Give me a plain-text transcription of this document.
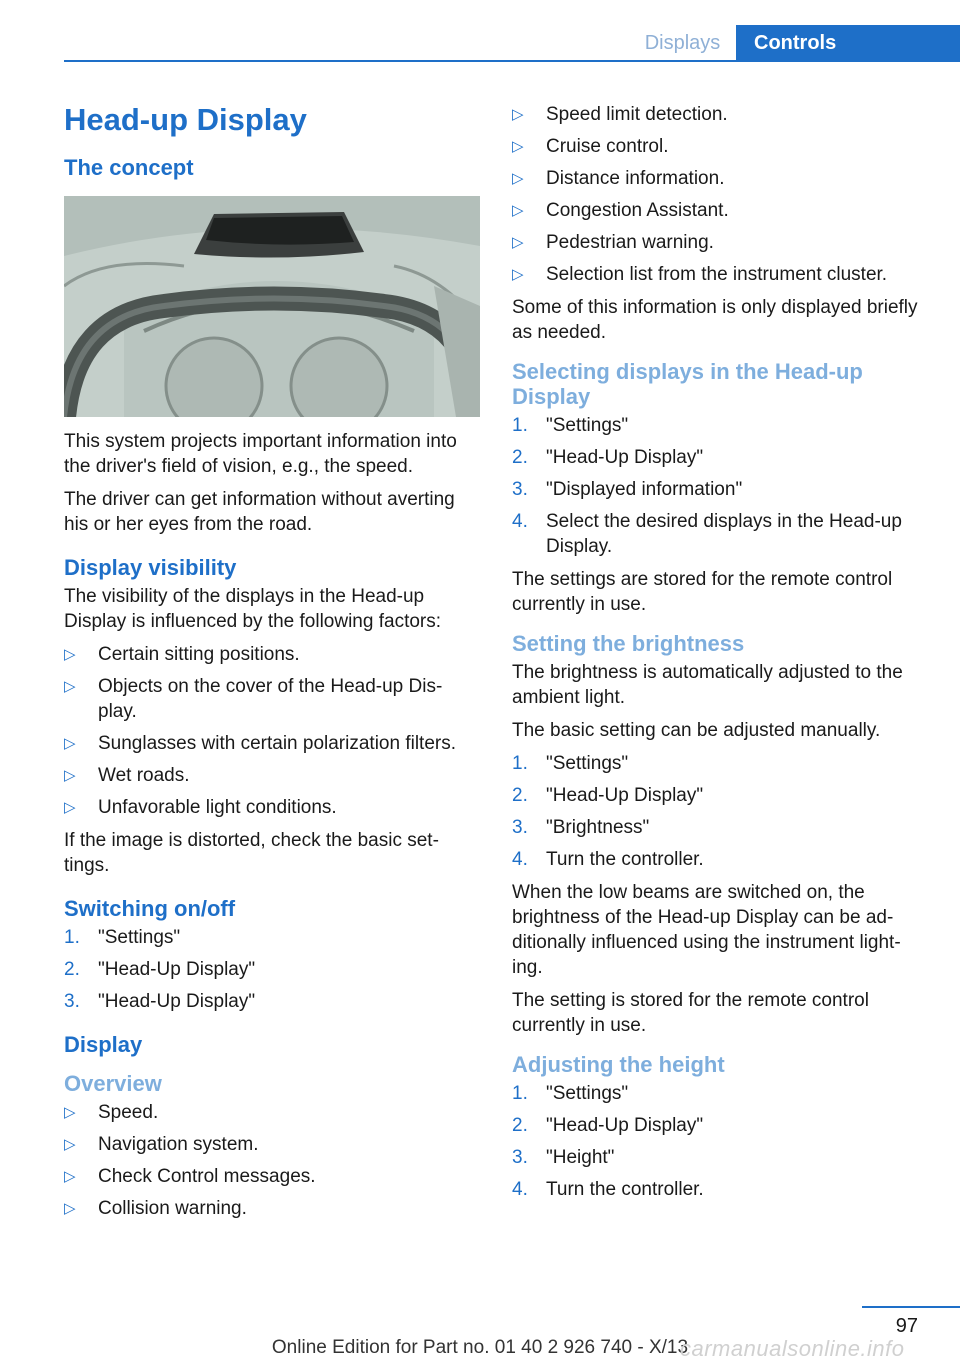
Displays	Controls
Head-up Display
The concept

This system projects important information into the driver's field of vision, e.g., the speed.

The driver can get information without averting his or her eyes from the road.

Display visibility

The visibility of the displays in the Head-up Display is influenced by the following factors:

▷ Certain sitting positions.
▷ Objects on the cover of the Head-up Dis-play.
▷ Sunglasses with certain polarization filters.
▷ Wet roads.
▷ Unfavorable light conditions.

If the image is distorted, check the basic set-tings.

Switching on/off
1. "Settings"
2. "Head-Up Display"
3. "Head-Up Display"
Display
Overview
▷ Speed.
▷ Navigation system.
▷ Check Control messages.
▷ Collision warning.
▷ Speed limit detection.
▷ Cruise control.
▷ Distance information.
▷ Congestion Assistant.
▷ Pedestrian warning.
▷ Selection list from the instrument cluster.

Some of this information is only displayed briefly as needed.

Selecting displays in the Head-up Display
1. "Settings"
2. "Head-Up Display"
3. "Displayed information"
4. Select the desired displays in the Head-up Display.

The settings are stored for the remote control currently in use.

Setting the brightness

The brightness is automatically adjusted to the ambient light.

The basic setting can be adjusted manually.

1. "Settings"
2. "Head-Up Display"
3. "Brightness"
4. Turn the controller.

When the low beams are switched on, the brightness of the Head-up Display can be ad-ditionally influenced using the instrument light-ing.

The setting is stored for the remote control currently in use.

Adjusting the height
1. "Settings"
2. "Head-Up Display"
3. "Height"
4. Turn the controller.
97
Online Edition for Part no. 01 40 2 926 740 - X/13
carmanualsonline.info
